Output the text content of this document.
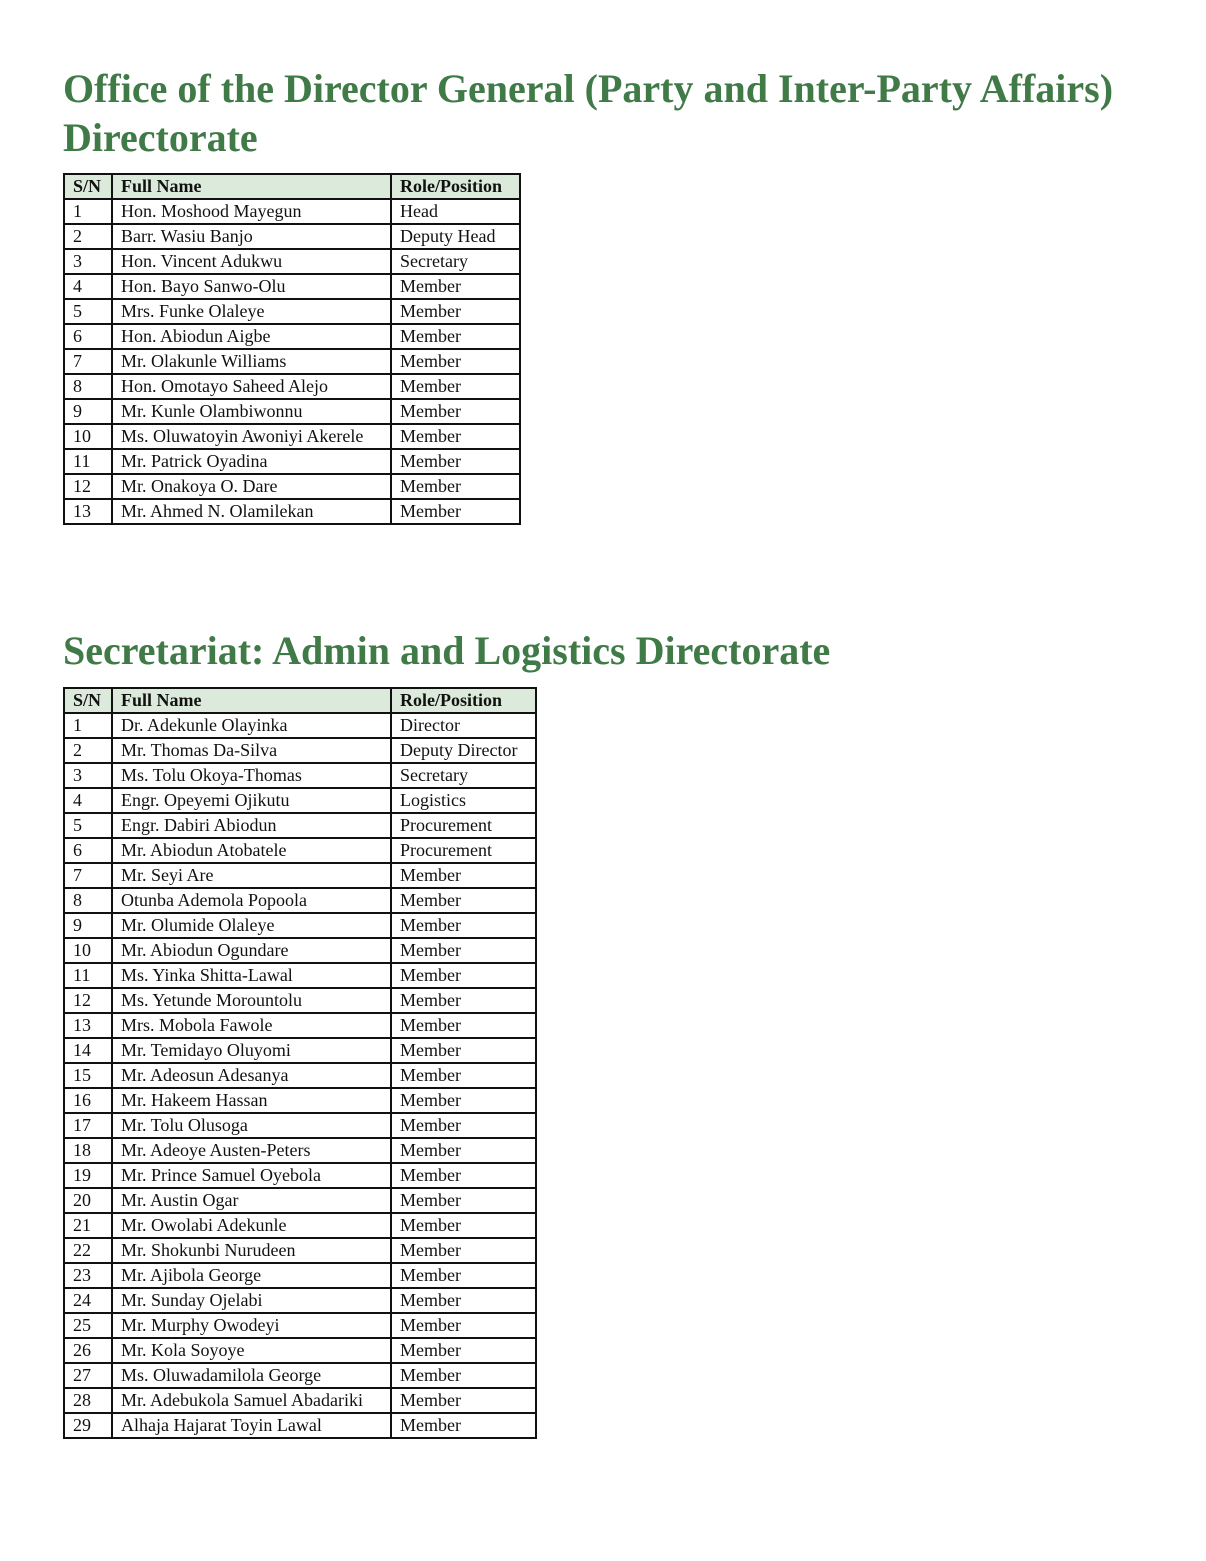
Office of the Director General (Party and Inter-Party Affairs) Directorate
S/N	Full Name	Role/Position
1	Hon. Moshood Mayegun	Head
2	Barr. Wasiu Banjo	Deputy Head
3	Hon. Vincent Adukwu	Secretary
4	Hon. Bayo Sanwo-Olu	Member
5	Mrs. Funke Olaleye	Member
6	Hon. Abiodun Aigbe	Member
7	Mr. Olakunle Williams	Member
8	Hon. Omotayo Saheed Alejo	Member
9	Mr. Kunle Olambiwonnu	Member
10	Ms. Oluwatoyin Awoniyi Akerele	Member
11	Mr. Patrick Oyadina	Member
12	Mr. Onakoya O. Dare	Member
13	Mr. Ahmed N. Olamilekan	Member
Secretariat: Admin and Logistics Directorate
S/N	Full Name	Role/Position
1	Dr. Adekunle Olayinka	Director
2	Mr. Thomas Da-Silva	Deputy Director
3	Ms. Tolu Okoya-Thomas	Secretary
4	Engr. Opeyemi Ojikutu	Logistics
5	Engr. Dabiri Abiodun	Procurement
6	Mr. Abiodun Atobatele	Procurement
7	Mr. Seyi Are	Member
8	Otunba Ademola Popoola	Member
9	Mr. Olumide Olaleye	Member
10	Mr. Abiodun Ogundare	Member
11	Ms. Yinka Shitta-Lawal	Member
12	Ms. Yetunde Morountolu	Member
13	Mrs. Mobola Fawole	Member
14	Mr. Temidayo Oluyomi	Member
15	Mr. Adeosun Adesanya	Member
16	Mr. Hakeem Hassan	Member
17	Mr. Tolu Olusoga	Member
18	Mr. Adeoye Austen-Peters	Member
19	Mr. Prince Samuel Oyebola	Member
20	Mr. Austin Ogar	Member
21	Mr. Owolabi Adekunle	Member
22	Mr. Shokunbi Nurudeen	Member
23	Mr. Ajibola George	Member
24	Mr. Sunday Ojelabi	Member
25	Mr. Murphy Owodeyi	Member
26	Mr. Kola Soyoye	Member
27	Ms. Oluwadamilola George	Member
28	Mr. Adebukola Samuel Abadariki	Member
29	Alhaja Hajarat Toyin Lawal	Member
